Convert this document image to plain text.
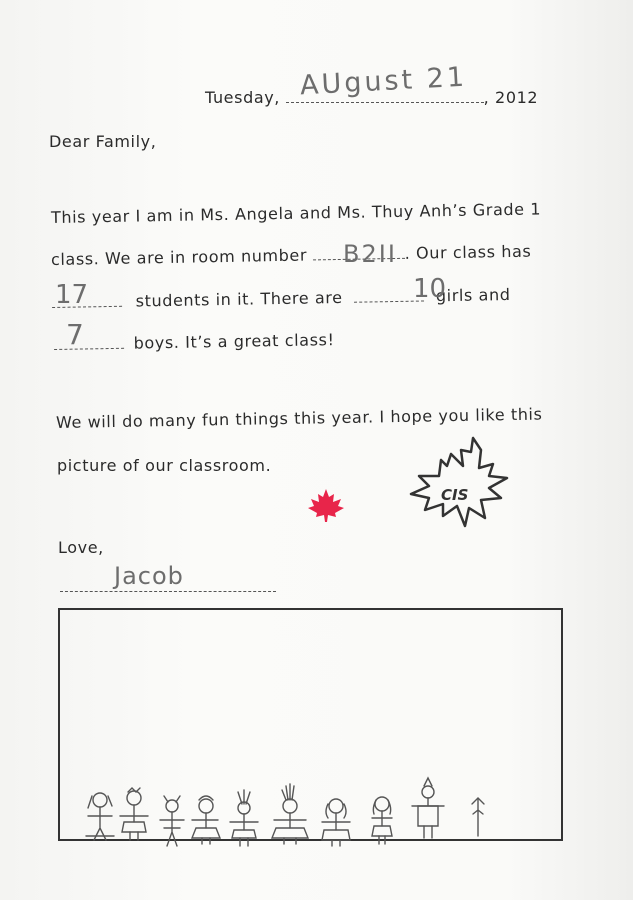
Tuesday,	, 2012
AUgust 21
Dear Family,
This year I am in Ms. Angela and Ms. Thuy Anh’s Grade 1
class. We are in room number	. Our class has
B2II
students in it. There are	girls and
17	10
boys. It’s a great class!
7
We will do many fun things this year. I hope you like this
picture of our classroom.
CIS
Love,
Jacob
